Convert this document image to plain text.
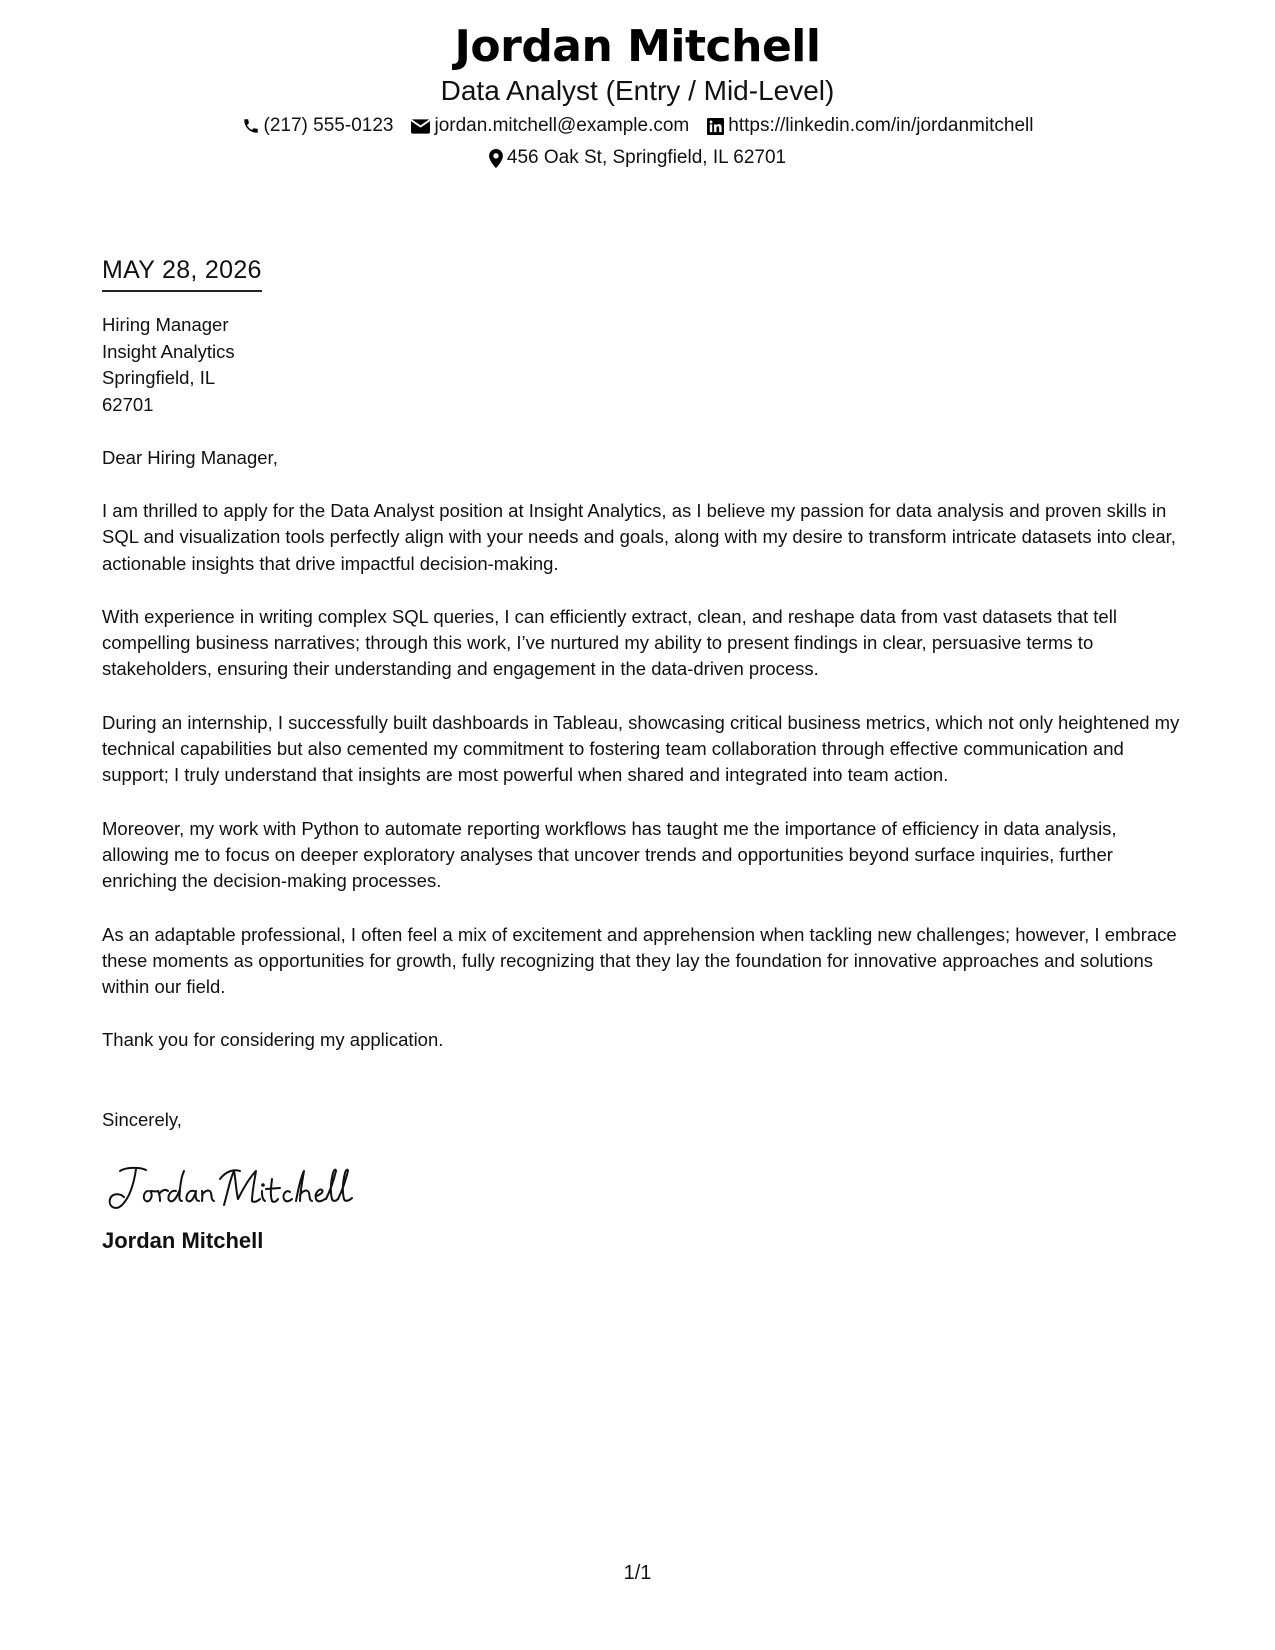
Jordan Mitchell
Data Analyst (Entry / Mid-Level)
(217) 555-0123 jordan.mitchell@example.com https://linkedin.com/in/jordanmitchell
456 Oak St, Springfield, IL 62701
MAY 28, 2026
Hiring Manager
Insight Analytics
Springfield, IL
62701
Dear Hiring Manager,
I am thrilled to apply for the Data Analyst position at Insight Analytics, as I believe my passion for data analysis and proven skills in SQL and visualization tools perfectly align with your needs and goals, along with my desire to transform intricate datasets into clear, actionable insights that drive impactful decision-making.
With experience in writing complex SQL queries, I can efficiently extract, clean, and reshape data from vast datasets that tell compelling business narratives; through this work, I’ve nurtured my ability to present findings in clear, persuasive terms to stakeholders, ensuring their understanding and engagement in the data-driven process.
During an internship, I successfully built dashboards in Tableau, showcasing critical business metrics, which not only heightened my technical capabilities but also cemented my commitment to fostering team collaboration through effective communication and support; I truly understand that insights are most powerful when shared and integrated into team action.
Moreover, my work with Python to automate reporting workflows has taught me the importance of efficiency in data analysis, allowing me to focus on deeper exploratory analyses that uncover trends and opportunities beyond surface inquiries, further enriching the decision-making processes.
As an adaptable professional, I often feel a mix of excitement and apprehension when tackling new challenges; however, I embrace these moments as opportunities for growth, fully recognizing that they lay the foundation for innovative approaches and solutions within our field.
Thank you for considering my application.
Sincerely,
Jordan Mitchell
1/1
